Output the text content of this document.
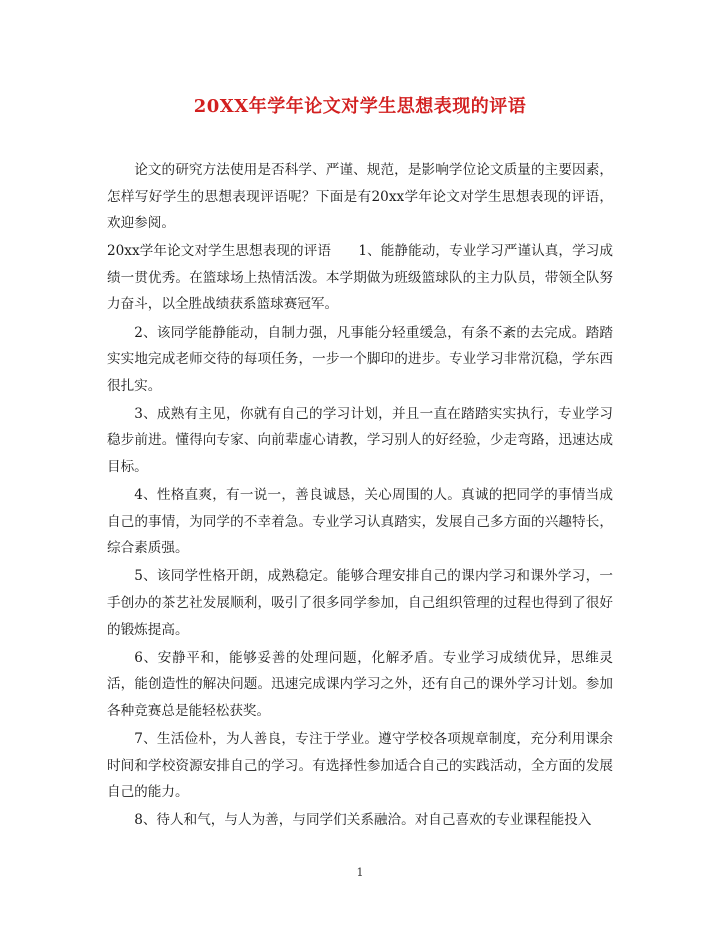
20XX年学年论文对学生思想表现的评语

论文的研究方法使用是否科学、严谨、规范，是影响学位论文质量的主要因素，怎样写好学生的思想表现评语呢？下面是有20xx学年论文对学生思想表现的评语，欢迎参阅。

20xx学年论文对学生思想表现的评语　　1、能静能动，专业学习严谨认真，学习成绩一贯优秀。在篮球场上热情活泼。本学期做为班级篮球队的主力队员，带领全队努力奋斗，以全胜战绩获系篮球赛冠军。

2、该同学能静能动，自制力强，凡事能分轻重缓急，有条不紊的去完成。踏踏实实地完成老师交待的每项任务，一步一个脚印的进步。专业学习非常沉稳，学东西很扎实。

3、成熟有主见，你就有自己的学习计划，并且一直在踏踏实实执行，专业学习稳步前进。懂得向专家、向前辈虚心请教，学习别人的好经验，少走弯路，迅速达成目标。

4、性格直爽，有一说一，善良诚恳，关心周围的人。真诚的把同学的事情当成自己的事情，为同学的不幸着急。专业学习认真踏实，发展自己多方面的兴趣特长，综合素质强。

5、该同学性格开朗，成熟稳定。能够合理安排自己的课内学习和课外学习，一手创办的茶艺社发展顺利，吸引了很多同学参加，自己组织管理的过程也得到了很好的锻炼提高。

6、安静平和，能够妥善的处理问题，化解矛盾。专业学习成绩优异，思维灵活，能创造性的解决问题。迅速完成课内学习之外，还有自己的课外学习计划。参加各种竞赛总是能轻松获奖。

7、生活俭朴，为人善良，专注于学业。遵守学校各项规章制度，充分利用课余时间和学校资源安排自己的学习。有选择性参加适合自己的实践活动，全方面的发展自己的能力。

8、待人和气，与人为善，与同学们关系融洽。对自己喜欢的专业课程能投入

1
